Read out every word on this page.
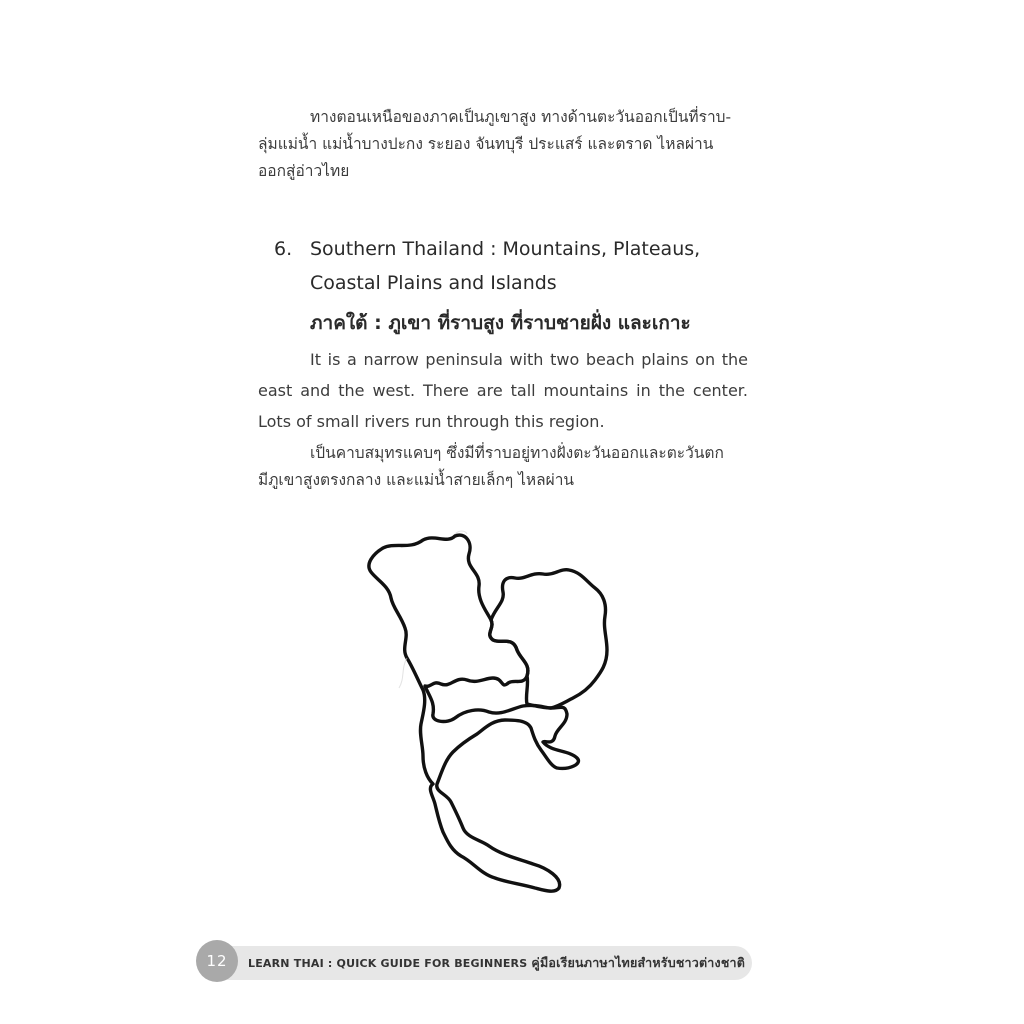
ทางตอนเหนือของภาคเป็นภูเขาสูง ทางด้านตะวันออกเป็นที่ราบ-
ลุ่มแม่น้ำ แม่น้ำบางปะกง ระยอง จันทบุรี ประแสร์ และตราด ไหลผ่าน
ออกสู่อ่าวไทย

6. Southern Thailand : Mountains, Plateaus,
Coastal Plains and Islands
ภาคใต้ : ภูเขา ที่ราบสูง ที่ราบชายฝั่ง และเกาะ

It is a narrow peninsula with two beach plains on the east and the west. There are tall mountains in the center. Lots of small rivers run through this region.

เป็นคาบสมุทรแคบๆ ซึ่งมีที่ราบอยู่ทางฝั่งตะวันออกและตะวันตก
มีภูเขาสูงตรงกลาง และแม่น้ำสายเล็กๆ ไหลผ่าน

12	LEARN THAI : QUICK GUIDE FOR BEGINNERS คู่มือเรียนภาษาไทยสำหรับชาวต่างชาติ
